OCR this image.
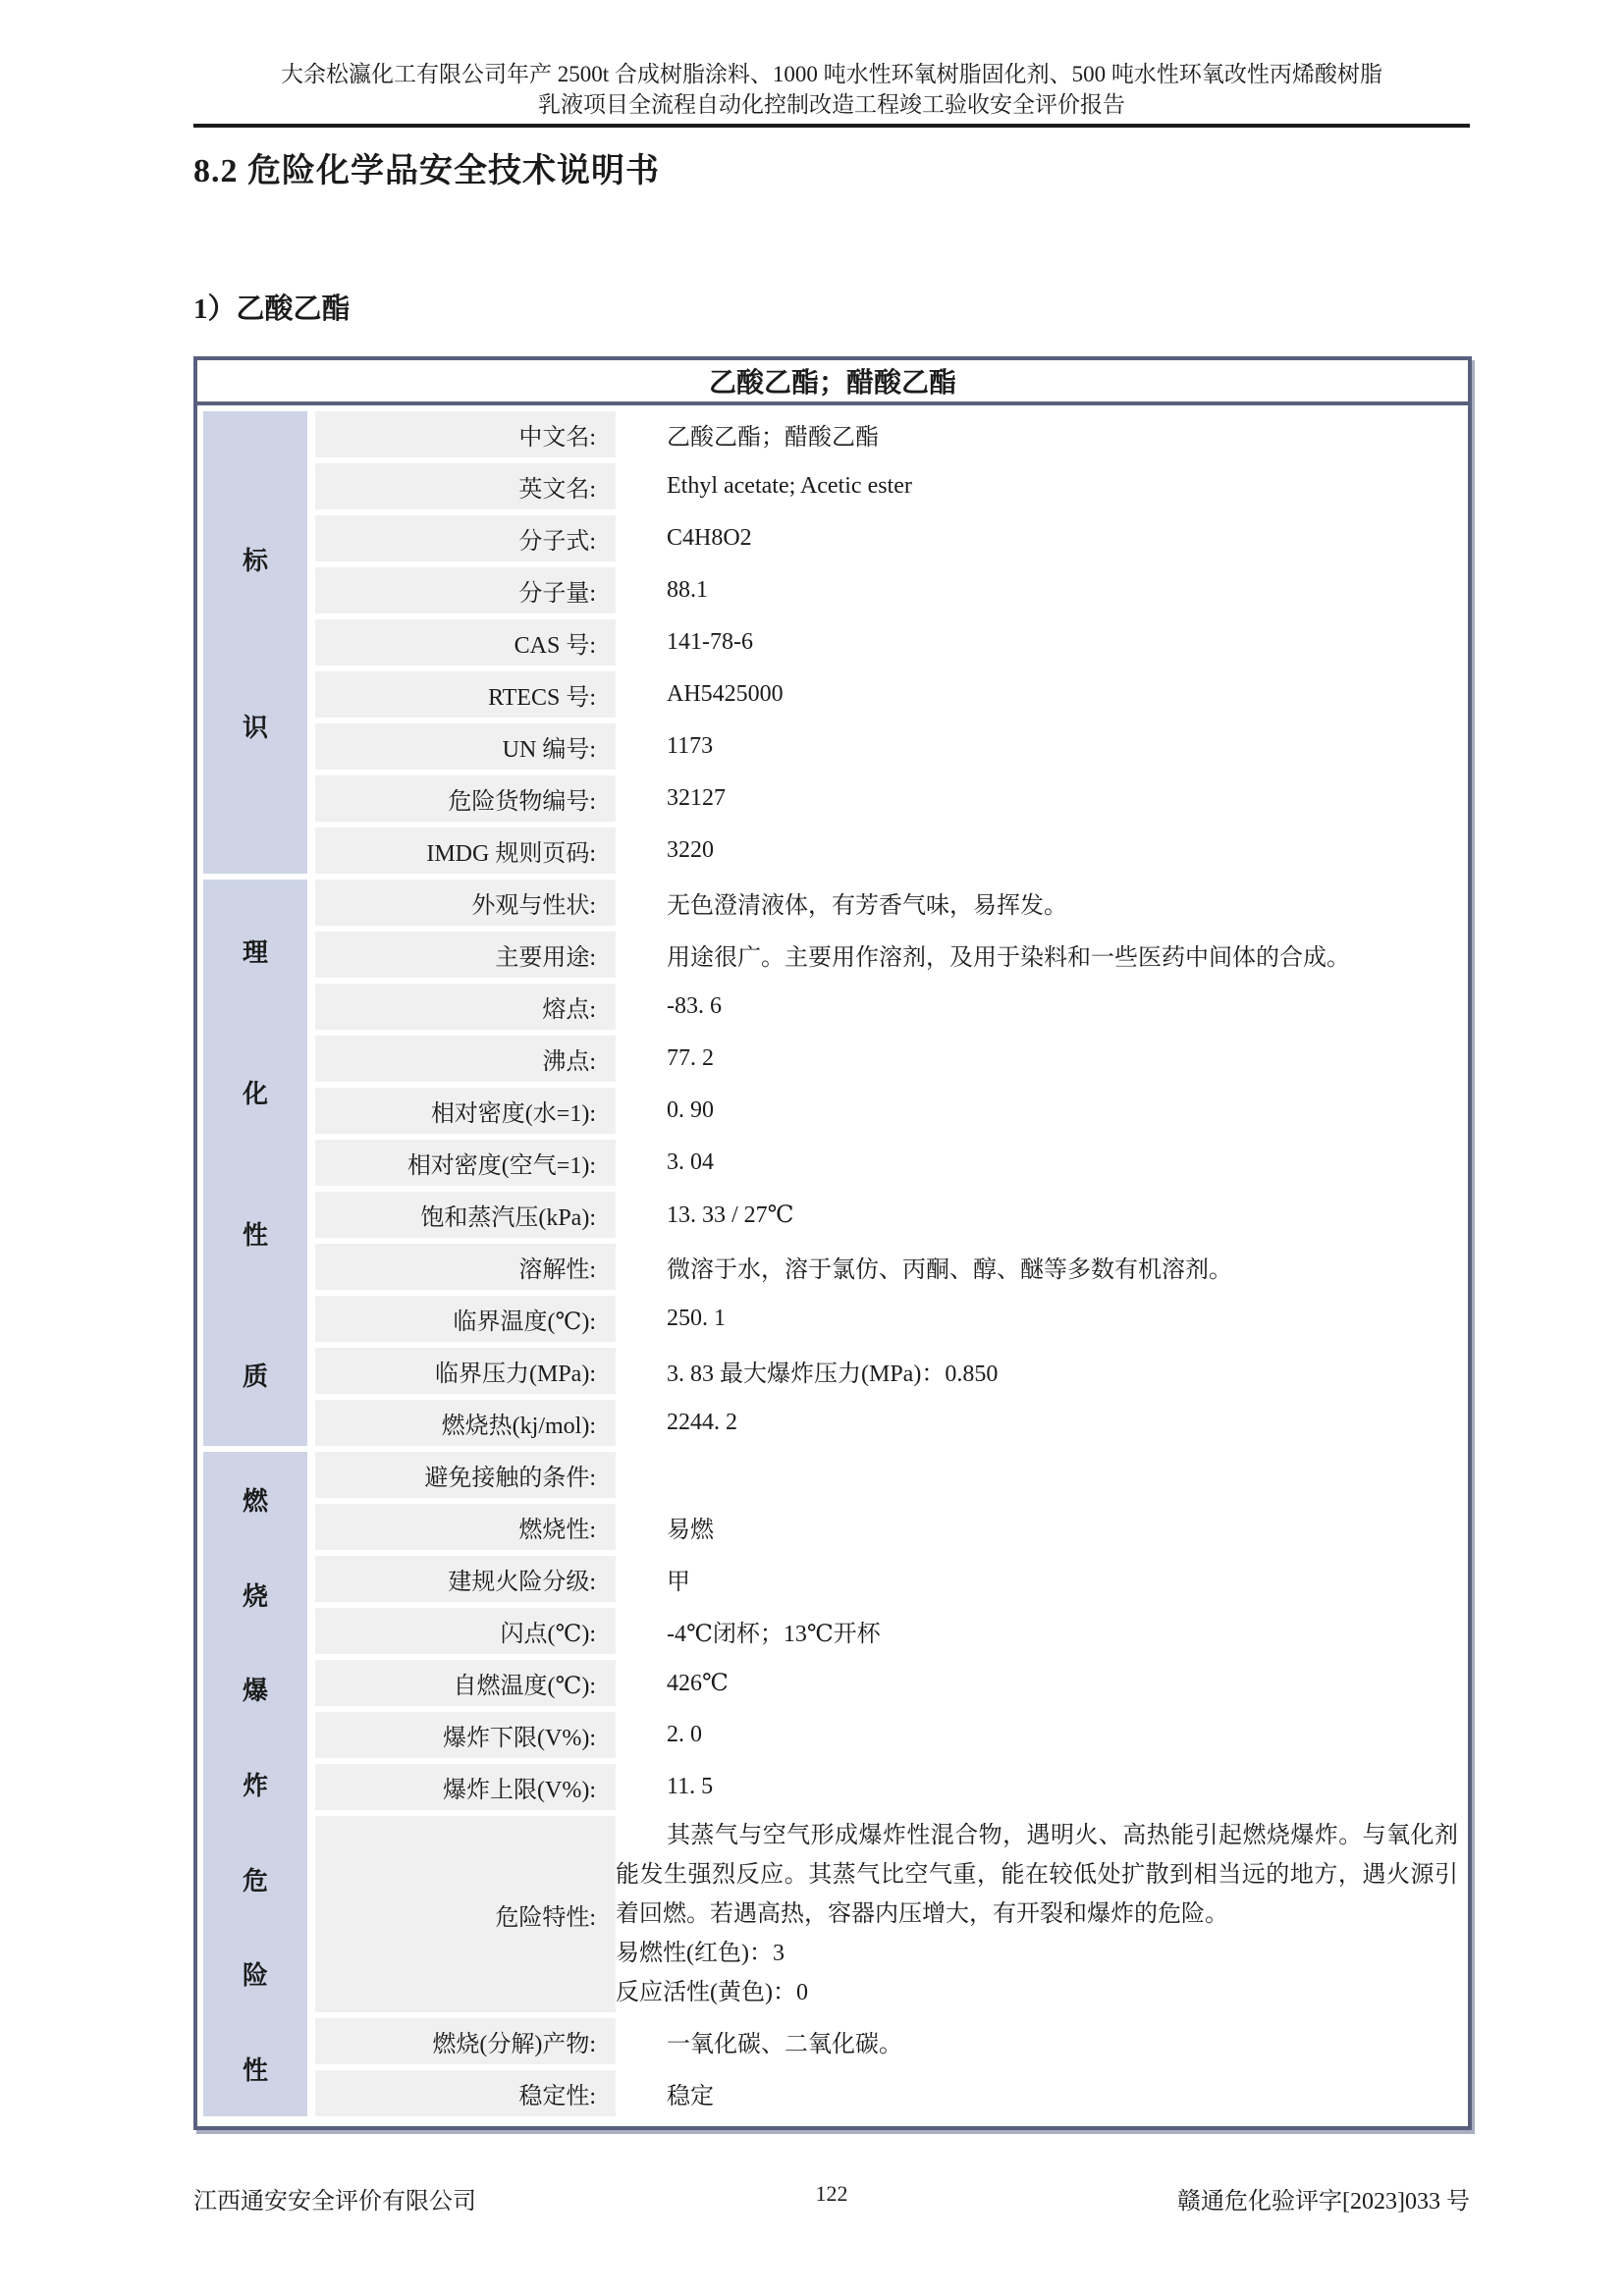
大余松瀛化工有限公司年产 2500t 合成树脂涂料、1000 吨水性环氧树脂固化剂、500 吨水性环氧改性丙烯酸树脂
乳液项目全流程自动化控制改造工程竣工验收安全评价报告
8.2 危险化学品安全技术说明书
1）乙酸乙酯
乙酸乙酯；醋酸乙酯
标
识
中文名:	乙酸乙酯；醋酸乙酯
英文名:	Ethyl acetate; Acetic ester
分子式:	C4H8O2
分子量:	88.1
CAS 号:	141-78-6
RTECS 号:	AH5425000
UN 编号:	1173
危险货物编号:	32127
IMDG 规则页码:	3220
理
化
性
质
外观与性状:	无色澄清液体，有芳香气味，易挥发。
主要用途:	用途很广。主要用作溶剂，及用于染料和一些医药中间体的合成。
熔点:	-83. 6
沸点:	77. 2
相对密度(水=1):	0. 90
相对密度(空气=1):	3. 04
饱和蒸汽压(kPa):	13. 33 / 27℃
溶解性:	微溶于水，溶于氯仿、丙酮、醇、醚等多数有机溶剂。
临界温度(℃):	250. 1
临界压力(MPa):	3. 83 最大爆炸压力(MPa)：0.850
燃烧热(kj/mol):	2244. 2
燃
烧
爆
炸
危
险
性
避免接触的条件:
燃烧性:	易燃
建规火险分级:	甲
闪点(℃):	-4℃闭杯；13℃开杯
自燃温度(℃):	426℃
爆炸下限(V%):	2. 0
爆炸上限(V%):	11. 5
危险特性:
其蒸气与空气形成爆炸性混合物，遇明火、高热能引起燃烧爆炸。与氧化剂能发生强烈反应。其蒸气比空气重，能在较低处扩散到相当远的地方，遇火源引着回燃。若遇高热，容器内压增大，有开裂和爆炸的危险。
易燃性(红色)：3
反应活性(黄色)：0
燃烧(分解)产物:	一氧化碳、二氧化碳。
稳定性:	稳定
江西通安安全评价有限公司	122	赣通危化验评字[2023]033 号
